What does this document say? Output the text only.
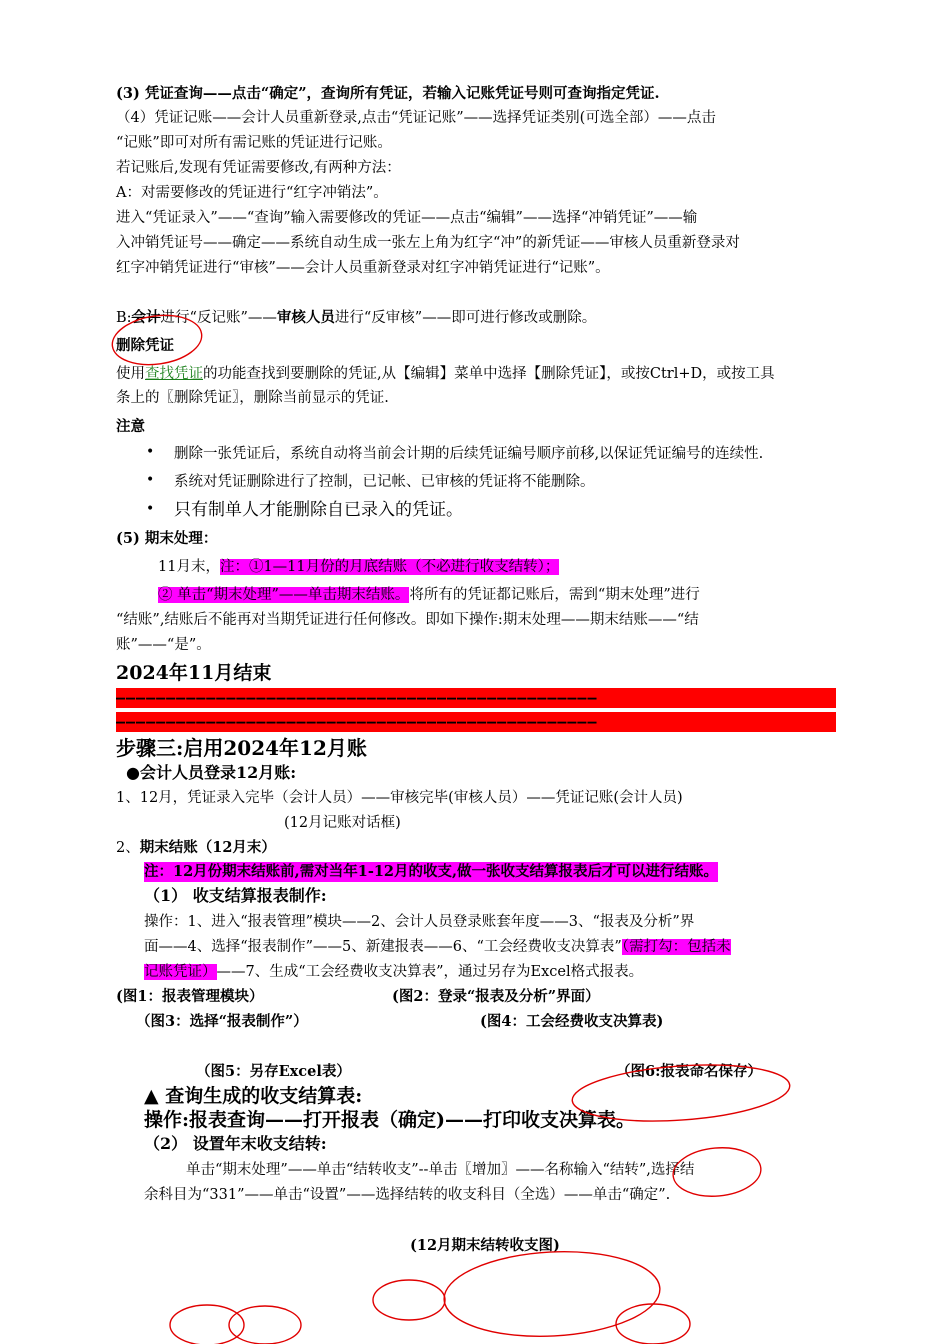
(3) 凭证查询——点击“确定”，查询所有凭证，若输入记账凭证号则可查询指定凭证.
（4）凭证记账——会计人员重新登录,点击“凭证记账”——选择凭证类别(可选全部）——点击
“记账”即可对所有需记账的凭证进行记账。
若记账后,发现有凭证需要修改,有两种方法：
A：对需要修改的凭证进行“红字冲销法”。
进入“凭证录入”——“查询”输入需要修改的凭证——点击“编辑”——选择“冲销凭证”——输
入冲销凭证号——确定——系统自动生成一张左上角为红字“冲”的新凭证——审核人员重新登录对
红字冲销凭证进行“审核”——会计人员重新登录对红字冲销凭证进行“记账”。
B:会计进行“反记账”——审核人员进行“反审核”——即可进行修改或删除。
删除凭证
使用查找凭证的功能查找到要删除的凭证,从【编辑】菜单中选择【删除凭证】，或按Ctrl+D，或按工具
条上的〖删除凭证〗，删除当前显示的凭证.
注意
• 删除一张凭证后，系统自动将当前会计期的后续凭证编号顺序前移,以保证凭证编号的连续性.
• 系统对凭证删除进行了控制，已记帐、已审核的凭证将不能删除。
• 只有制单人才能删除自已录入的凭证。
(5) 期末处理：
11月末，注：①1—11月份的月底结账（不必进行收支结转）；
② 单击“期末处理”——单击期末结账。将所有的凭证都记账后，需到“期末处理”进行
“结账”,结账后不能再对当期凭证进行任何修改。即如下操作:期末处理——期末结账——“结
账”——“是”。
2024年11月结束
————————————————————————————————————————————————
————————————————————————————————————————————————
步骤三:启用2024年12月账
●会计人员登录12月账:
1、12月，凭证录入完毕（会计人员）——审核完毕(审核人员）——凭证记账(会计人员)
(12月记账对话框)
2、期末结账（12月末）
注：12月份期末结账前,需对当年1-12月的收支,做一张收支结算报表后才可以进行结账。
（1） 收支结算报表制作:
操作：1、进入“报表管理”模块——2、会计人员登录账套年度——3、“报表及分析”界
面——4、选择“报表制作”——5、新建报表——6、“工会经费收支决算表”（需打勾：包括未
记账凭证）——7、生成“工会经费收支决算表”，通过另存为Excel格式报表。
(图1：报表管理模块）	(图2：登录“报表及分析”界面）
（图3：选择“报表制作”）	(图4：工会经费收支决算表)
（图5：另存Excel表）	（图6:报表命名保存）
▲ 查询生成的收支结算表:
操作:报表查询——打开报表（确定)——打印收支决算表。
（2） 设置年末收支结转:
单击“期末处理”——单击“结转收支”--单击〖增加〗——名称输入“结转”,选择结
余科目为“331”——单击“设置”——选择结转的收支科目（全选）——单击“确定”.
(12月期末结转收支图)
